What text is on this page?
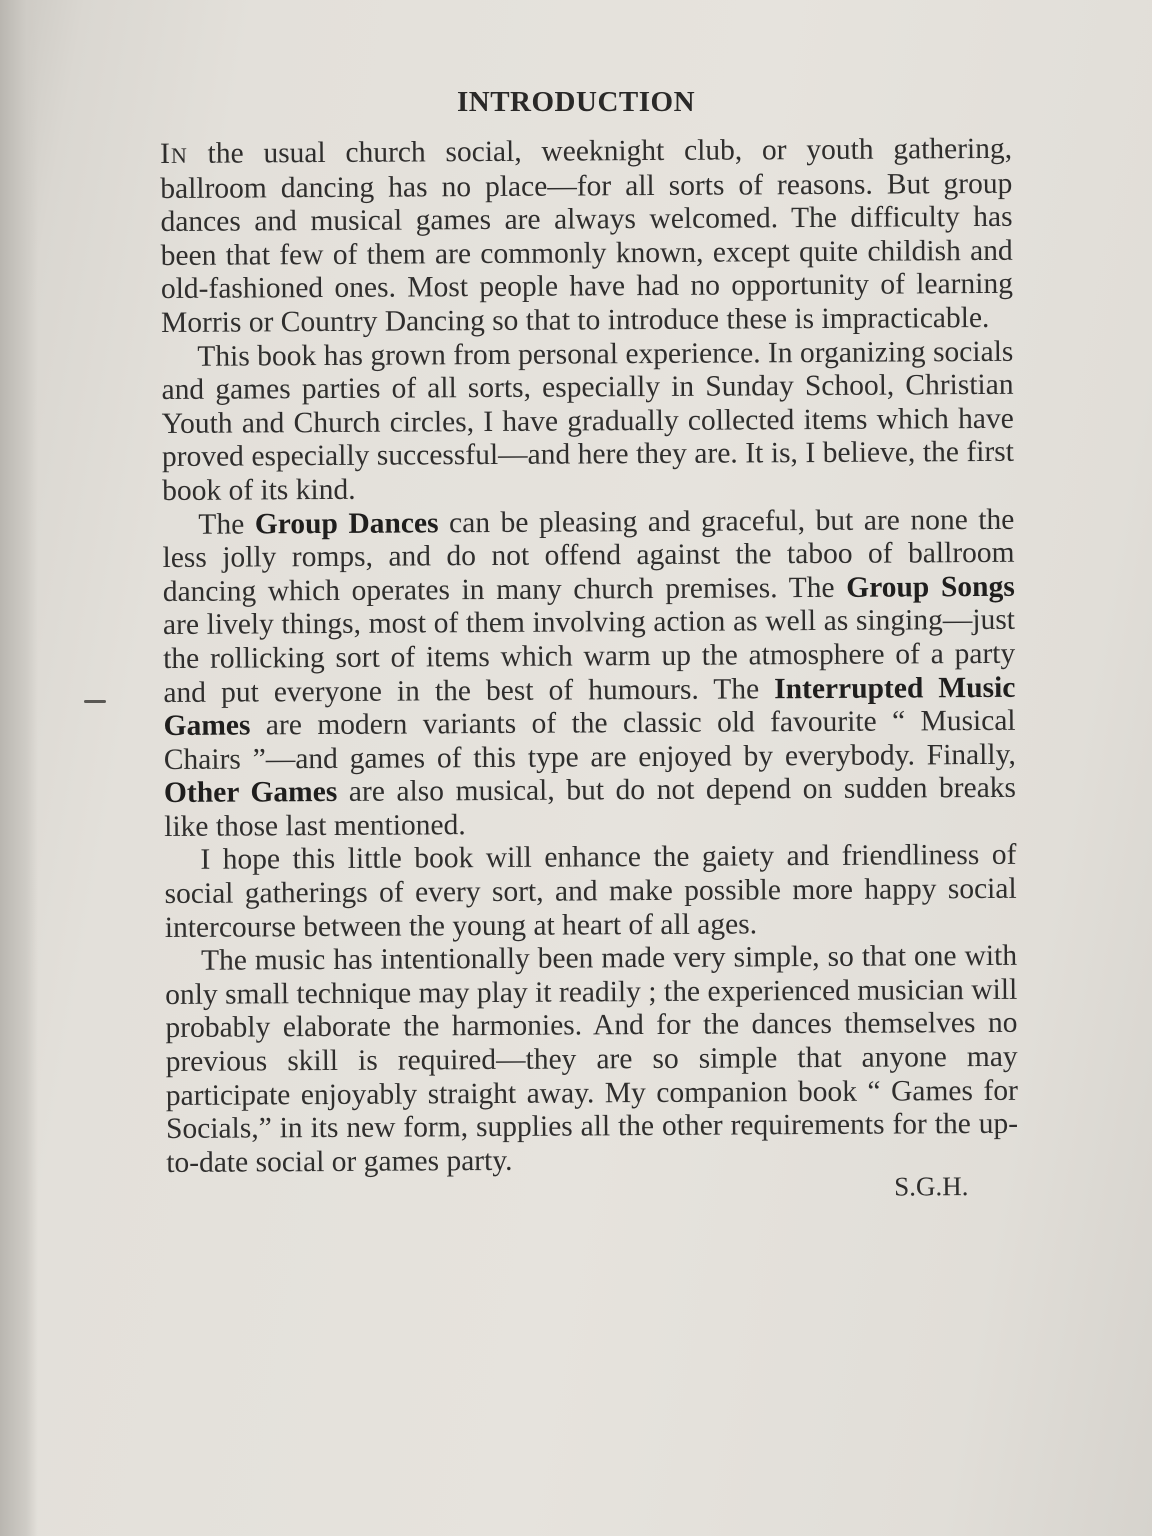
INTRODUCTION

IN the usual church social, weeknight club, or youth gathering, ballroom dancing has no place—for all sorts of reasons. But group dances and musical games are always welcomed. The difficulty has been that few of them are commonly known, except quite childish and old-fashioned ones. Most people have had no opportunity of learning Morris or Country Dancing so that to introduce these is impracticable.

This book has grown from personal experience. In organizing socials and games parties of all sorts, especially in Sunday School, Christian Youth and Church circles, I have gradually collected items which have proved especially successful—and here they are. It is, I believe, the first book of its kind.

The Group Dances can be pleasing and graceful, but are none the less jolly romps, and do not offend against the taboo of ballroom dancing which operates in many church premises. The Group Songs are lively things, most of them involving action as well as singing—just the rollicking sort of items which warm up the atmosphere of a party and put everyone in the best of humours. The Interrupted Music Games are modern variants of the classic old favourite “ Musical Chairs ”—and games of this type are enjoyed by everybody. Finally, Other Games are also musical, but do not depend on sudden breaks like those last mentioned.

I hope this little book will enhance the gaiety and friendliness of social gatherings of every sort, and make possible more happy social intercourse between the young at heart of all ages.

The music has intentionally been made very simple, so that one with only small technique may play it readily ; the experienced musician will probably elaborate the harmonies. And for the dances themselves no previous skill is required—they are so simple that anyone may participate enjoyably straight away. My companion book “ Games for Socials,” in its new form, supplies all the other requirements for the up-to-date social or games party.

S.G.H.
